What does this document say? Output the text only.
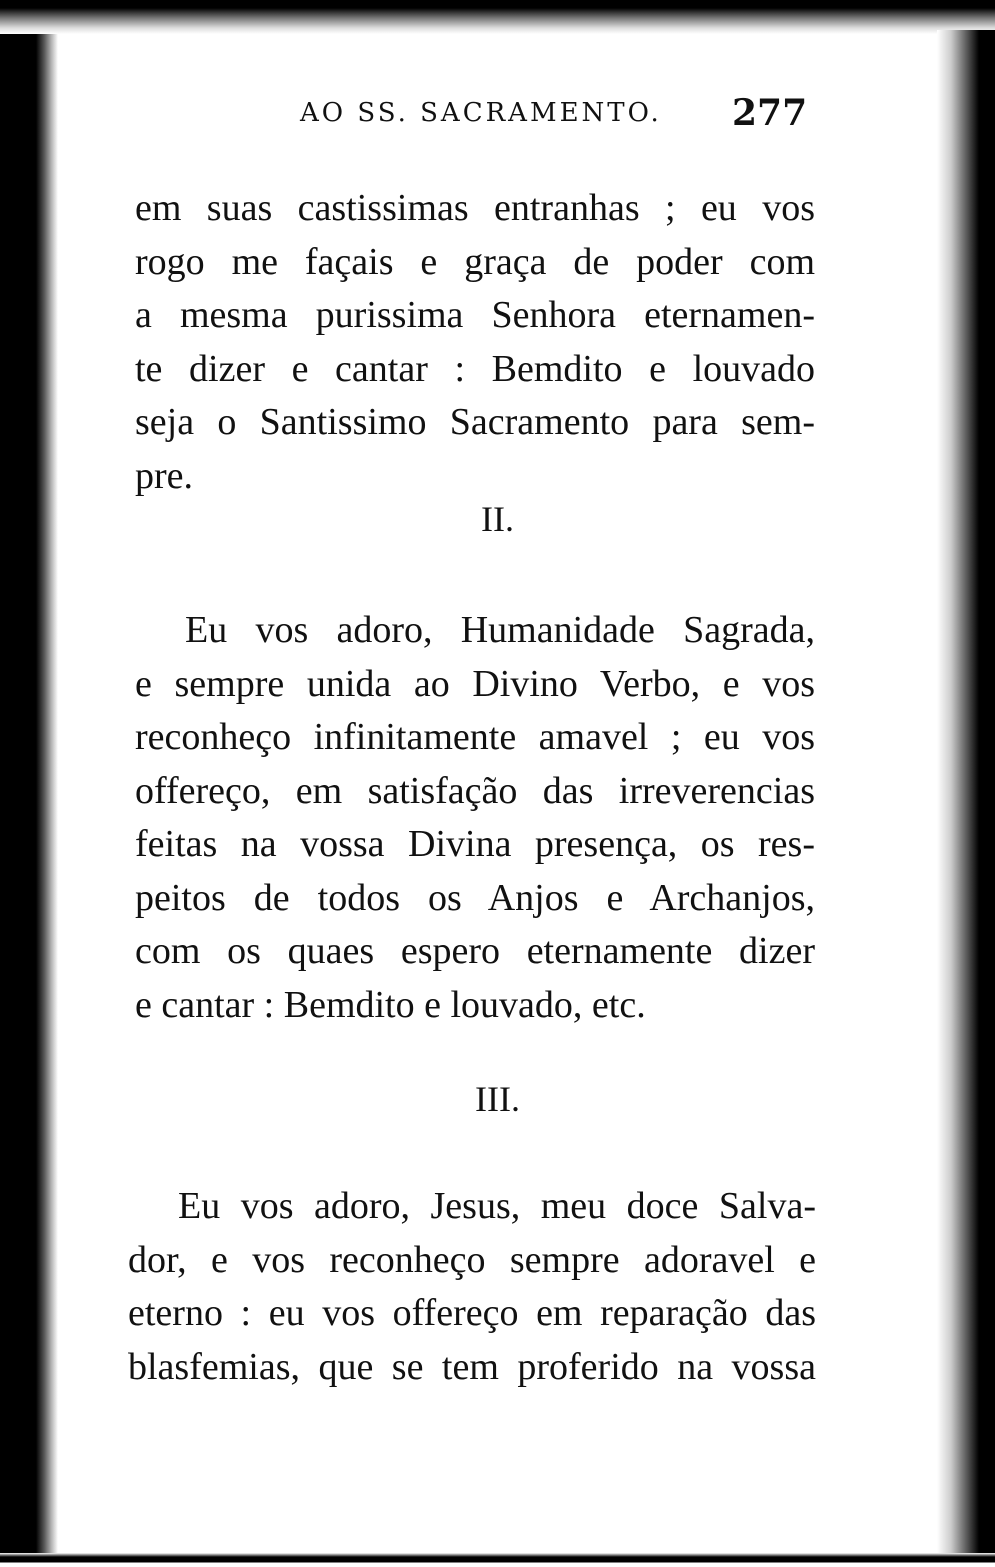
AO SS. SACRAMENTO. 277
em suas castissimas entranhas ; eu vos
rogo me façais e graça de poder com
a mesma purissima Senhora eternamen-
te dizer e cantar : Bemdito e louvado
seja o Santissimo Sacramento para sem-
pre.
II.
Eu vos adoro, Humanidade Sagrada,
e sempre unida ao Divino Verbo, e vos
reconheço infinitamente amavel ; eu vos
offereço, em satisfação das irreverencias
feitas na vossa Divina presença, os res-
peitos de todos os Anjos e Archanjos,
com os quaes espero eternamente dizer
e cantar : Bemdito e louvado, etc.
III.
Eu vos adoro, Jesus, meu doce Salva-
dor, e vos reconheço sempre adoravel e
eterno : eu vos offereço em reparação das
blasfemias, que se tem proferido na vossa
